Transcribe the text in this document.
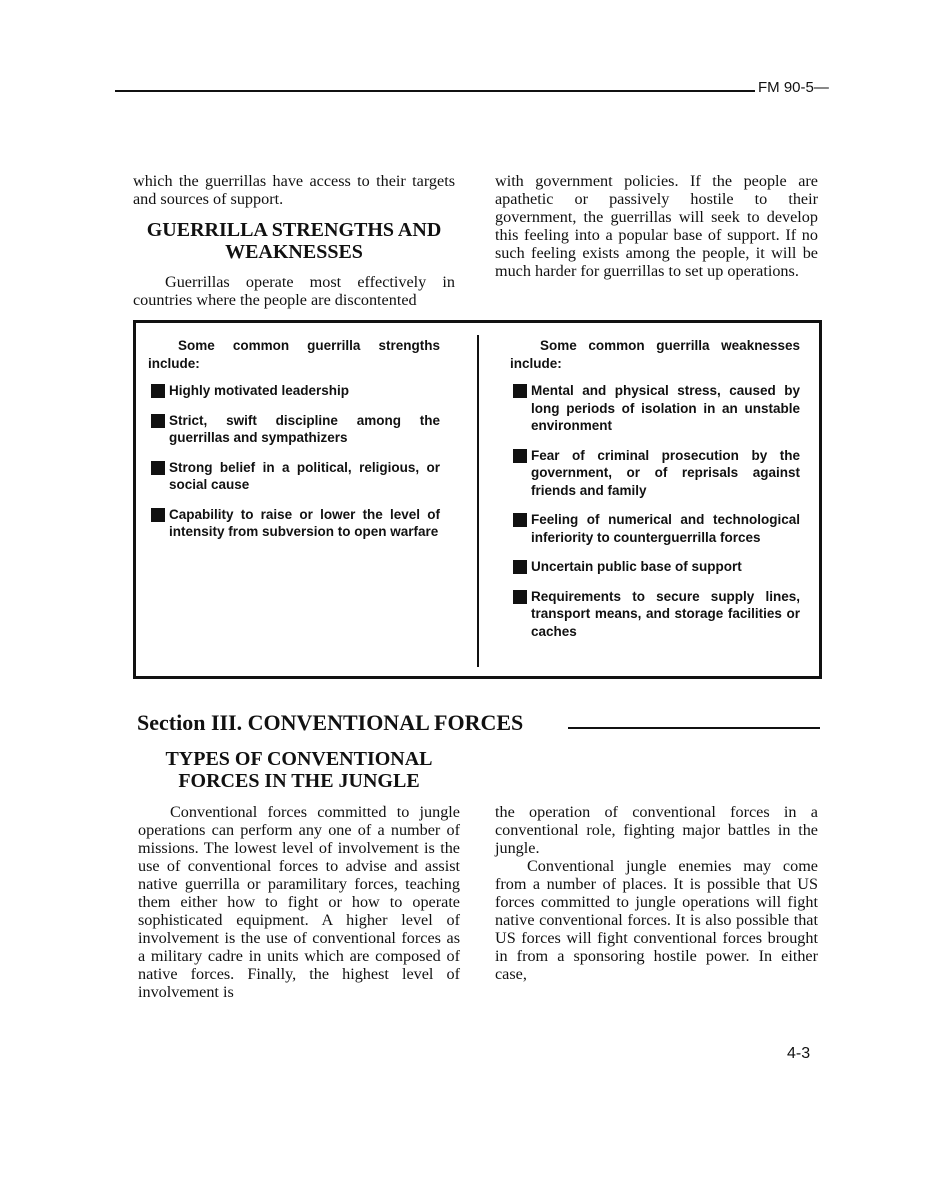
FM 90-5—

which the guerrillas have access to their targets and sources of support.

GUERRILLA STRENGTHS AND WEAKNESSES

Guerrillas operate most effectively in countries where the people are discontented

with government policies. If the people are apathetic or passively hostile to their government, the guerrillas will seek to develop this feeling into a popular base of support. If no such feeling exists among the people, it will be much harder for guerrillas to set up operations.

Some common guerrilla strengths include:

Highly motivated leadership
Strict, swift discipline among the guerrillas and sympathizers
Strong belief in a political, religious, or social cause
Capability to raise or lower the level of intensity from subversion to open warfare

Some common guerrilla weaknesses include:

Mental and physical stress, caused by long periods of isolation in an unstable environment
Fear of criminal prosecution by the government, or of reprisals against friends and family
Feeling of numerical and technological inferiority to counterguerrilla forces
Uncertain public base of support
Requirements to secure supply lines, transport means, and storage facilities or caches
Section III. CONVENTIONAL FORCES
TYPES OF CONVENTIONAL FORCES IN THE JUNGLE

Conventional forces committed to jungle operations can perform any one of a number of missions. The lowest level of involvement is the use of conventional forces to advise and assist native guerrilla or paramilitary forces, teaching them either how to fight or how to operate sophisticated equipment. A higher level of involvement is the use of conventional forces as a military cadre in units which are composed of native forces. Finally, the highest level of involvement is

the operation of conventional forces in a conventional role, fighting major battles in the jungle.

Conventional jungle enemies may come from a number of places. It is possible that US forces committed to jungle operations will fight native conventional forces. It is also possible that US forces will fight conventional forces brought in from a sponsoring hostile power. In either case,

4-3
